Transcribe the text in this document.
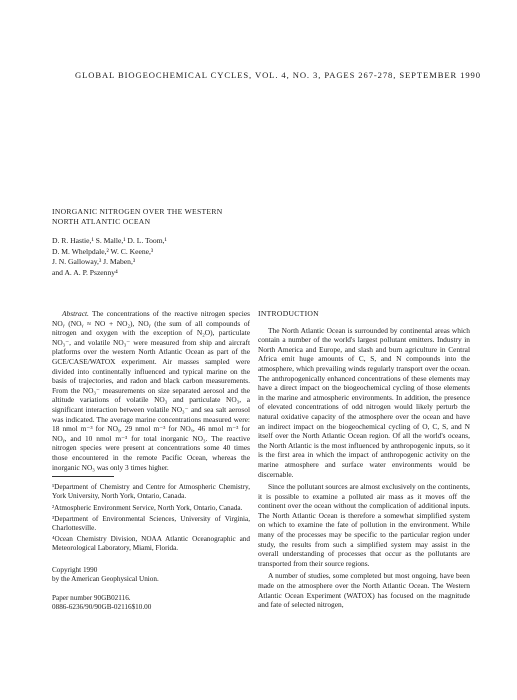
GLOBAL BIOGEOCHEMICAL CYCLES, VOL. 4, NO. 3, PAGES 267-278, SEPTEMBER 1990
INORGANIC NITROGEN OVER THE WESTERN
NORTH ATLANTIC OCEAN
D. R. Hastie,¹ S. Malle,¹ D. L. Toom,¹
D. M. Whelpdale,² W. C. Keene,³
J. N. Galloway,³ J. Maben,³
and A. A. P. Pszenny⁴

Abstract. The concentrations of the reactive nitrogen species NOᵧ (NOᵧ ≈ NO + NO₂), NOᵧ (the sum of all compounds of nitrogen and oxygen with the exception of N₂O), particulate NO₃⁻, and volatile NO₃⁻ were measured from ship and aircraft platforms over the western North Atlantic Ocean as part of the GCE/CASE/WATOX experiment. Air masses sampled were divided into continentally influenced and typical marine on the basis of trajectories, and radon and black carbon measurements. From the NO₃⁻ measurements on size separated aerosol and the altitude variations of volatile NO₃ and particulate NO₃, a significant interaction between volatile NO₃⁻ and sea salt aerosol was indicated. The average marine concentrations measured were: 18 nmol m⁻³ for NOᵧ, 29 nmol m⁻³ for NOₓ, 46 nmol m⁻³ for NOᵧ, and 10 nmol m⁻³ for total inorganic NO₃. The reactive nitrogen species were present at concentrations some 40 times those encountered in the remote Pacific Ocean, whereas the inorganic NO₃ was only 3 times higher.

¹Department of Chemistry and Centre for Atmospheric Chemistry, York University, North York, Ontario, Canada.
²Atmospheric Environment Service, North York, Ontario, Canada.
³Department of Environmental Sciences, University of Virginia, Charlottesville.
⁴Ocean Chemistry Division, NOAA Atlantic Oceanographic and Meteorological Laboratory, Miami, Florida.
Copyright 1990
by the American Geophysical Union.
Paper number 90GB02116.
0886-6236/90/90GB-02116$10.00
INTRODUCTION

The North Atlantic Ocean is surrounded by continental areas which contain a number of the world's largest pollutant emitters. Industry in North America and Europe, and slash and burn agriculture in Central Africa emit huge amounts of C, S, and N compounds into the atmosphere, which prevailing winds regularly transport over the ocean. The anthropogenically enhanced concentrations of these elements may have a direct impact on the biogeochemical cycling of those elements in the marine and atmospheric environments. In addition, the presence of elevated concentrations of odd nitrogen would likely perturb the natural oxidative capacity of the atmosphere over the ocean and have an indirect impact on the biogeochemical cycling of O, C, S, and N itself over the North Atlantic Ocean region. Of all the world's oceans, the North Atlantic is the most influenced by anthropogenic inputs, so it is the first area in which the impact of anthropogenic activity on the marine atmosphere and surface water environments would be discernable.

Since the pollutant sources are almost exclusively on the continents, it is possible to examine a polluted air mass as it moves off the continent over the ocean without the complication of additional inputs. The North Atlantic Ocean is therefore a somewhat simplified system on which to examine the fate of pollution in the environment. While many of the processes may be specific to the particular region under study, the results from such a simplified system may assist in the overall understanding of processes that occur as the pollutants are transported from their source regions.

A number of studies, some completed but most ongoing, have been made on the atmosphere over the North Atlantic Ocean. The Western Atlantic Ocean Experiment (WATOX) has focused on the magnitude and fate of selected nitrogen,
